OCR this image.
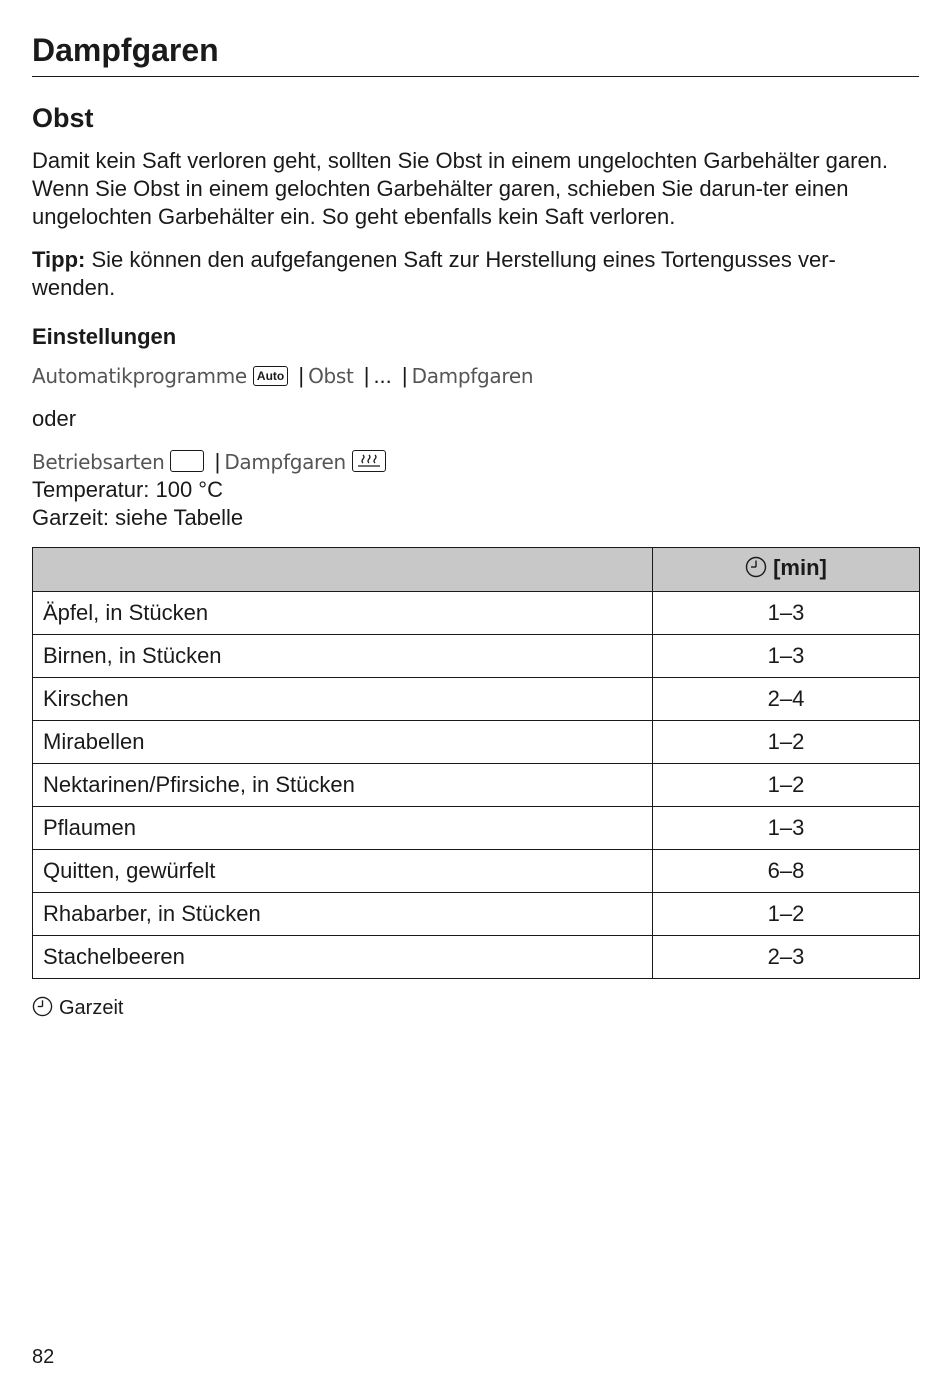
Dampfgaren
Obst

Damit kein Saft verloren geht, sollten Sie Obst in einem ungelochten Garbehälter garen. Wenn Sie Obst in einem gelochten Garbehälter garen, schieben Sie darun-ter einen ungelochten Garbehälter ein. So geht ebenfalls kein Saft verloren.

Tipp: Sie können den aufgefangenen Saft zur Herstellung eines Tortengusses ver-wenden.

Einstellungen
Automatikprogramme Auto | Obst | ... | Dampfgaren
oder
Betriebsarten | Dampfgaren
Temperatur: 100 °C
Garzeit: siehe Tabelle
	[min]
Äpfel, in Stücken	1–3
Birnen, in Stücken	1–3
Kirschen	2–4
Mirabellen	1–2
Nektarinen/Pfirsiche, in Stücken	1–2
Pflaumen	1–3
Quitten, gewürfelt	6–8
Rhabarber, in Stücken	1–2
Stachelbeeren	2–3
Garzeit
82
